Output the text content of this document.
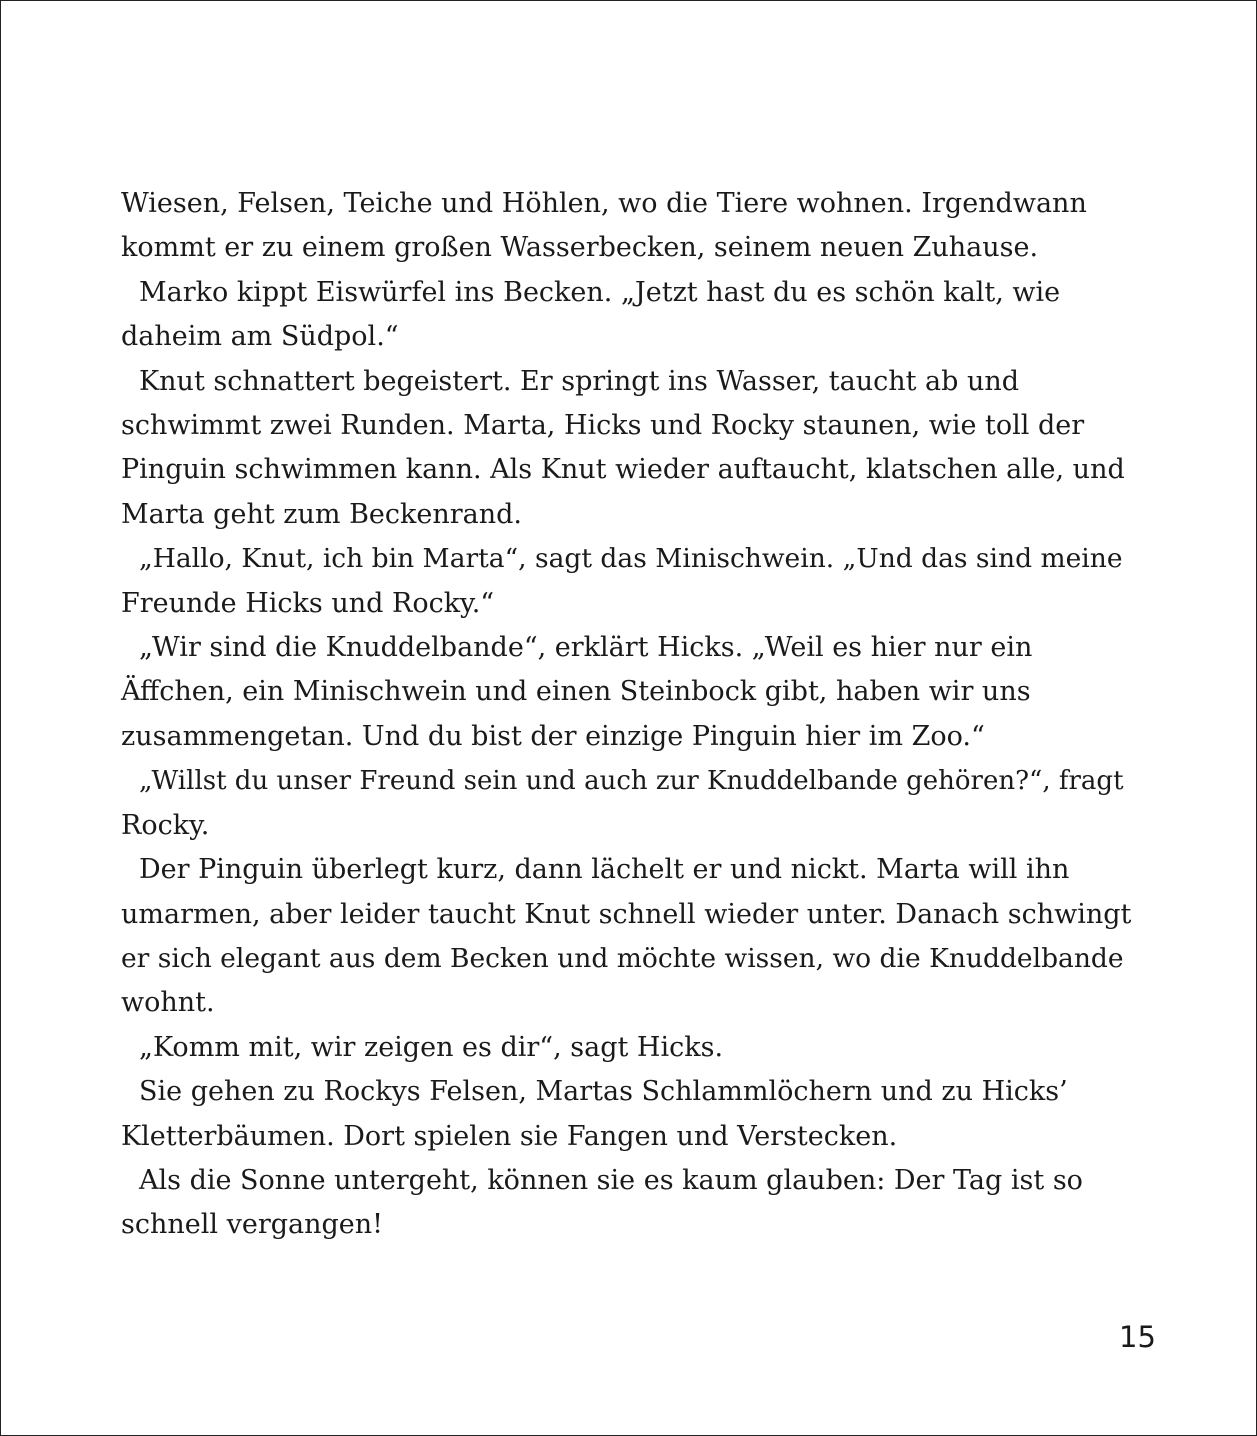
Wiesen, Felsen, Teiche und Höhlen, wo die Tiere wohnen. Irgendwann
kommt er zu einem großen Wasserbecken, seinem neuen Zuhause.
Marko kippt Eiswürfel ins Becken. „Jetzt hast du es schön kalt, wie
daheim am Südpol.“
Knut schnattert begeistert. Er springt ins Wasser, taucht ab und
schwimmt zwei Runden. Marta, Hicks und Rocky staunen, wie toll der
Pinguin schwimmen kann. Als Knut wieder auftaucht, klatschen alle, und
Marta geht zum Beckenrand.
„Hallo, Knut, ich bin Marta“, sagt das Minischwein. „Und das sind meine
Freunde Hicks und Rocky.“
„Wir sind die Knuddelbande“, erklärt Hicks. „Weil es hier nur ein
Äffchen, ein Minischwein und einen Steinbock gibt, haben wir uns
zusammengetan. Und du bist der einzige Pinguin hier im Zoo.“
„Willst du unser Freund sein und auch zur Knuddelbande gehören?“, fragt
Rocky.
Der Pinguin überlegt kurz, dann lächelt er und nickt. Marta will ihn
umarmen, aber leider taucht Knut schnell wieder unter. Danach schwingt
er sich elegant aus dem Becken und möchte wissen, wo die Knuddelbande
wohnt.
„Komm mit, wir zeigen es dir“, sagt Hicks.
Sie gehen zu Rockys Felsen, Martas Schlammlöchern und zu Hicks’
Kletterbäumen. Dort spielen sie Fangen und Verstecken.
Als die Sonne untergeht, können sie es kaum glauben: Der Tag ist so
schnell vergangen!
15
